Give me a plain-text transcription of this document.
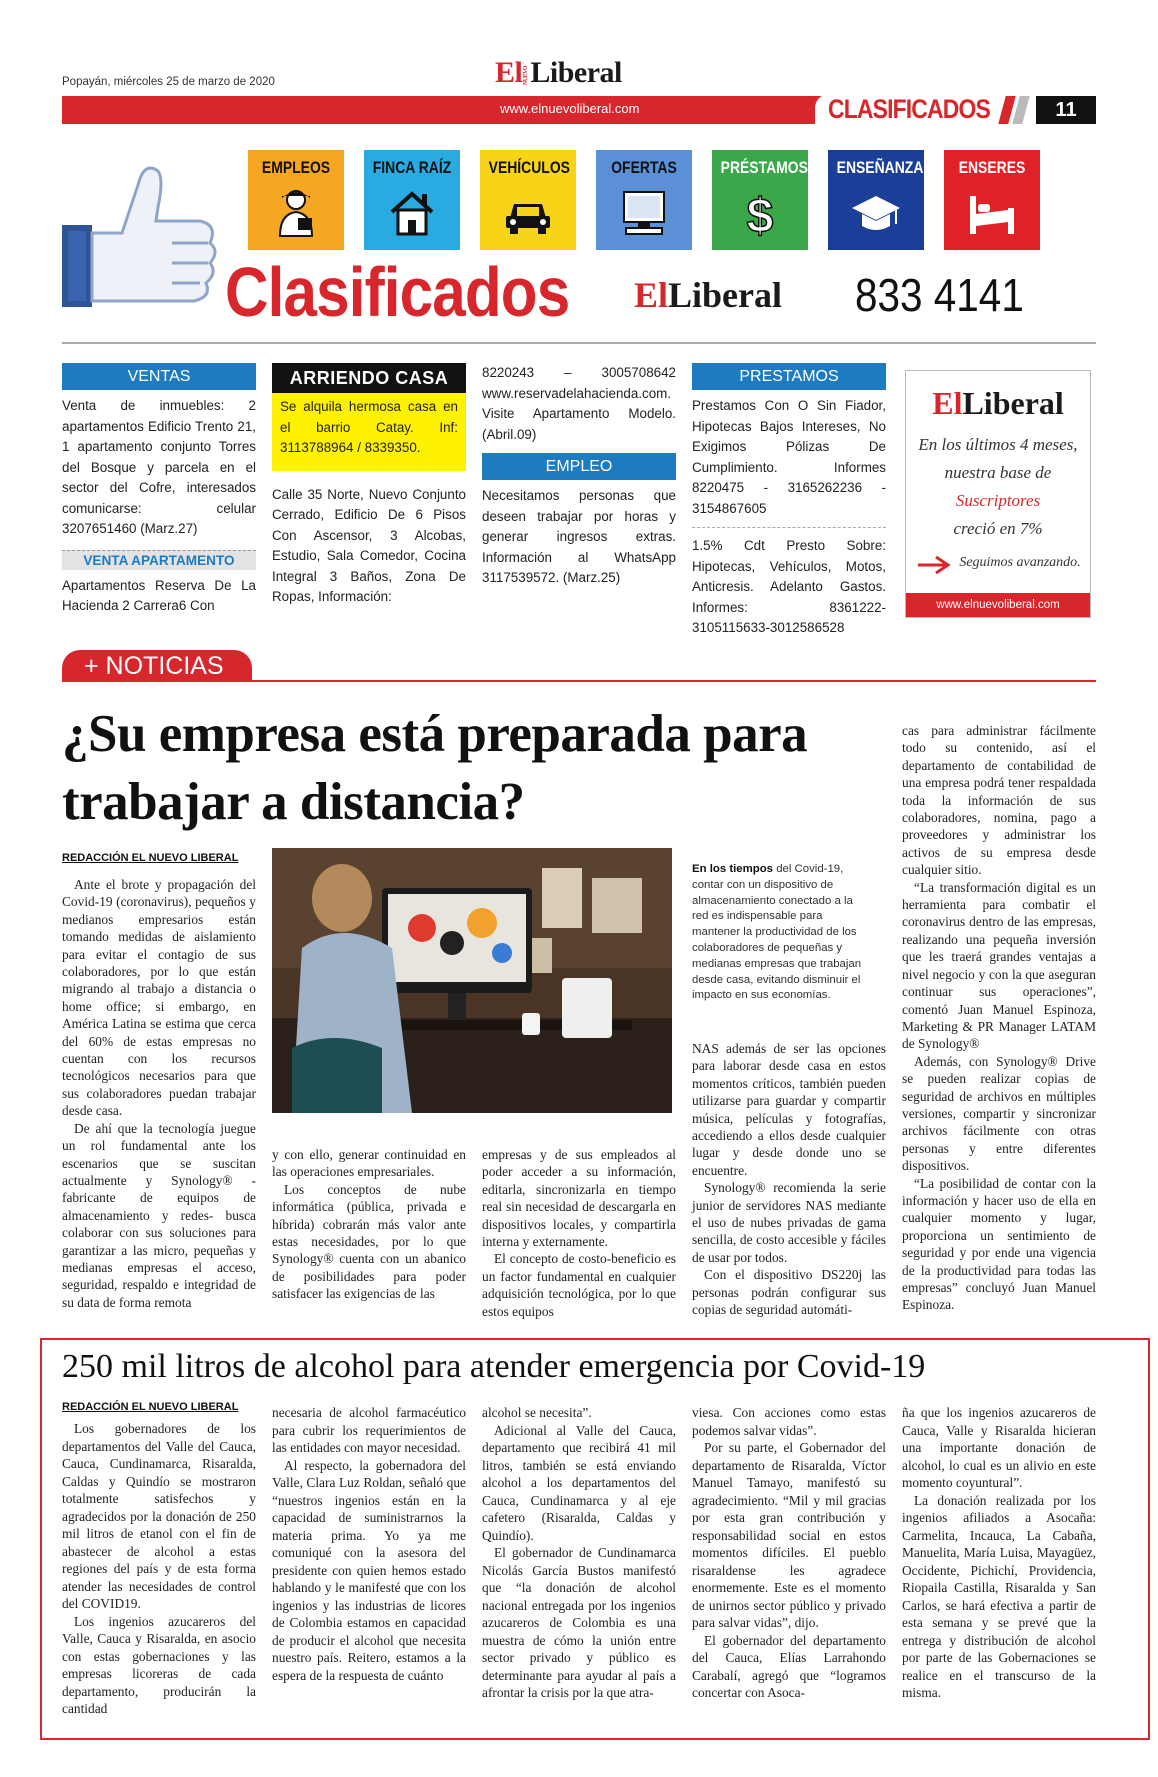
Popayán, miércoles 25 de marzo de 2020	ElNUEVOLiberal
www.elnuevoliberal.com	CLASIFICADOS	11
EMPLEOS	FINCA RAÍZ VEHÍCULOS	OFERTAS	PRÉSTAMOS
$
ENSEÑANZA	ENSERES
Clasificados ElLiberal 833 4141
VENTAS
Venta de inmuebles: 2 apartamentos Edificio Trento 21, 1 apartamento conjunto Torres del Bosque y parcela en el sector del Cofre, interesados comunicarse: celular 3207651460 (Marz.27)
VENTA APARTAMENTO
Apartamentos Reserva De La Hacienda 2 Carrera6 Con
ARRIENDO CASA
Se alquila hermosa casa en el barrio Catay. Inf: 3113788964 / 8339350.
Calle 35 Norte, Nuevo Conjunto Cerrado, Edificio De 6 Pisos Con Ascensor, 3 Alcobas, Estudio, Sala Comedor, Cocina Integral 3 Baños, Zona De Ropas, Información:
8220243 – 3005708642 www.reservadelahacienda.com. Visite Apartamento Modelo. (Abril.09)
EMPLEO
Necesitamos personas que deseen trabajar por horas y generar ingresos extras. Información al WhatsApp 3117539572. (Marz.25)
PRESTAMOS
Prestamos Con O Sin Fiador, Hipotecas Bajos Intereses, No Exigimos Pólizas De Cumplimiento. Informes 8220475 - 3165262236 - 3154867605
1.5% Cdt Presto Sobre: Hipotecas, Vehículos, Motos, Anticresis. Adelanto Gastos. Informes: 8361222-3105115633-3012586528
ElLiberal
En los últimos 4 meses,
nuestra base de
Suscriptores
creció en 7%
Seguimos avanzando.
www.elnuevoliberal.com
+ NOTICIAS
¿Su empresa está preparada para trabajar a distancia?
REDACCIÓN EL NUEVO LIBERAL

Ante el brote y propagación del Covid-19 (coronavirus), pequeños y medianos empresarios están tomando medidas de aislamiento para evitar el contagio de sus colaboradores, por lo que están migrando al trabajo a distancia o home office; si embargo, en América Latina se estima que cerca del 60% de estas empresas no cuentan con los recursos tecnológicos necesarios para que sus colaboradores puedan trabajar desde casa.

De ahí que la tecnología juegue un rol fundamental ante los escenarios que se suscitan actualmente y Synology® -fabricante de equipos de almacenamiento y redes- busca colaborar con sus soluciones para garantizar a las micro, pequeñas y medianas empresas el acceso, seguridad, respaldo e integridad de su data de forma remota

En los tiempos del Covid-19, contar con un dispositivo de almacenamiento conectado a la red es indispensable para mantener la productividad de los colaboradores de pequeñas y medianas empresas que trabajan desde casa, evitando disminuir el impacto en sus economías.

y con ello, generar continuidad en las operaciones empresariales.

Los conceptos de nube informática (pública, privada e híbrida) cobrarán más valor ante estas necesidades, por lo que Synology® cuenta con un abanico de posibilidades para poder satisfacer las exigencias de las

empresas y de sus empleados al poder acceder a su información, editarla, sincronizarla en tiempo real sin necesidad de descargarla en dispositivos locales, y compartirla interna y externamente.

El concepto de costo-beneficio es un factor fundamental en cualquier adquisición tecnológica, por lo que estos equipos

NAS además de ser las opciones para laborar desde casa en estos momentos críticos, también pueden utilizarse para guardar y compartir música, películas y fotografías, accediendo a ellos desde cualquier lugar y desde donde uno se encuentre.

Synology® recomienda la serie junior de servidores NAS mediante el uso de nubes privadas de gama sencilla, de costo accesible y fáciles de usar por todos.

Con el dispositivo DS220j las personas podrán configurar sus copias de seguridad automáti-

cas para administrar fácilmente todo su contenido, así el departamento de contabilidad de una empresa podrá tener respaldada toda la información de sus colaboradores, nomina, pago a proveedores y administrar los activos de su empresa desde cualquier sitio.

“La transformación digital es un herramienta para combatir el coronavirus dentro de las empresas, realizando una pequeña inversión que les traerá grandes ventajas a nivel negocio y con la que aseguran continuar sus operaciones”, comentó Juan Manuel Espinoza, Marketing & PR Manager LATAM de Synology®

Además, con Synology® Drive se pueden realizar copias de seguridad de archivos en múltiples versiones, compartir y sincronizar archivos fácilmente con otras personas y entre diferentes dispositivos.

“La posibilidad de contar con la información y hacer uso de ella en cualquier momento y lugar, proporciona un sentimiento de seguridad y por ende una vigencia de la productividad para todas las empresas” concluyó Juan Manuel Espinoza.

250 mil litros de alcohol para atender emergencia por Covid-19
REDACCIÓN EL NUEVO LIBERAL

Los gobernadores de los departamentos del Valle del Cauca, Cauca, Cundinamarca, Risaralda, Caldas y Quindío se mostraron totalmente satisfechos y agradecidos por la donación de 250 mil litros de etanol con el fin de abastecer de alcohol a estas regiones del país y de esta forma atender las necesidades de control del COVID19.

Los ingenios azucareros del Valle, Cauca y Risaralda, en asocio con estas gobernaciones y las empresas licoreras de cada departamento, producirán la cantidad

necesaria de alcohol farmacéutico para cubrir los requerimientos de las entidades con mayor necesidad.

Al respecto, la gobernadora del Valle, Clara Luz Roldan, señaló que “nuestros ingenios están en la capacidad de suministrarnos la materia prima. Yo ya me comuniqué con la asesora del presidente con quien hemos estado hablando y le manifesté que con los ingenios y las industrias de licores de Colombia estamos en capacidad de producir el alcohol que necesita nuestro país. Reiterо, estamos a la espera de la respuesta de cuánto

alcohol se necesita”.

Adicional al Valle del Cauca, departamento que recibirá 41 mil litros, también se está enviando alcohol a los departamentos del Cauca, Cundinamarca y al eje cafetero (Risaralda, Caldas y Quindío).

El gobernador de Cundinamarca Nicolás García Bustos manifestó que “la donación de alcohol nacional entregada por los ingenios azucareros de Colombia es una muestra de cómo la unión entre sector privado y público es determinante para ayudar al país a afrontar la crisis por la que atra-

viesa. Con acciones como estas podemos salvar vidas”.

Por su parte, el Gobernador del departamento de Risaralda, Víctor Manuel Tamayo, manifestó su agradecimiento. “Mil y mil gracias por esta gran contribución y responsabilidad social en estos momentos difíciles. El pueblo risaraldense les agradece enormemente. Este es el momento de unirnos sector público y privado para salvar vidas”, dijo.

El gobernador del departamento del Cauca, Elías Larrahondo Carabalí, agregó que “logramos concertar con Asoca-

ña que los ingenios azucareros de Cauca, Valle y Risaralda hicieran una importante donación de alcohol, lo cual es un alivio en este momento coyuntural”.

La donación realizada por los ingenios afiliados a Asocaña: Carmelita, Incauca, La Cabaña, Manuelita, María Luisa, Mayagüez, Occidente, Pichichí, Providencia, Riopaila Castilla, Risaralda y San Carlos, se hará efectiva a partir de esta semana y se prevé que la entrega y distribución de alcohol por parte de las Gobernaciones se realice en el transcurso de la misma.
